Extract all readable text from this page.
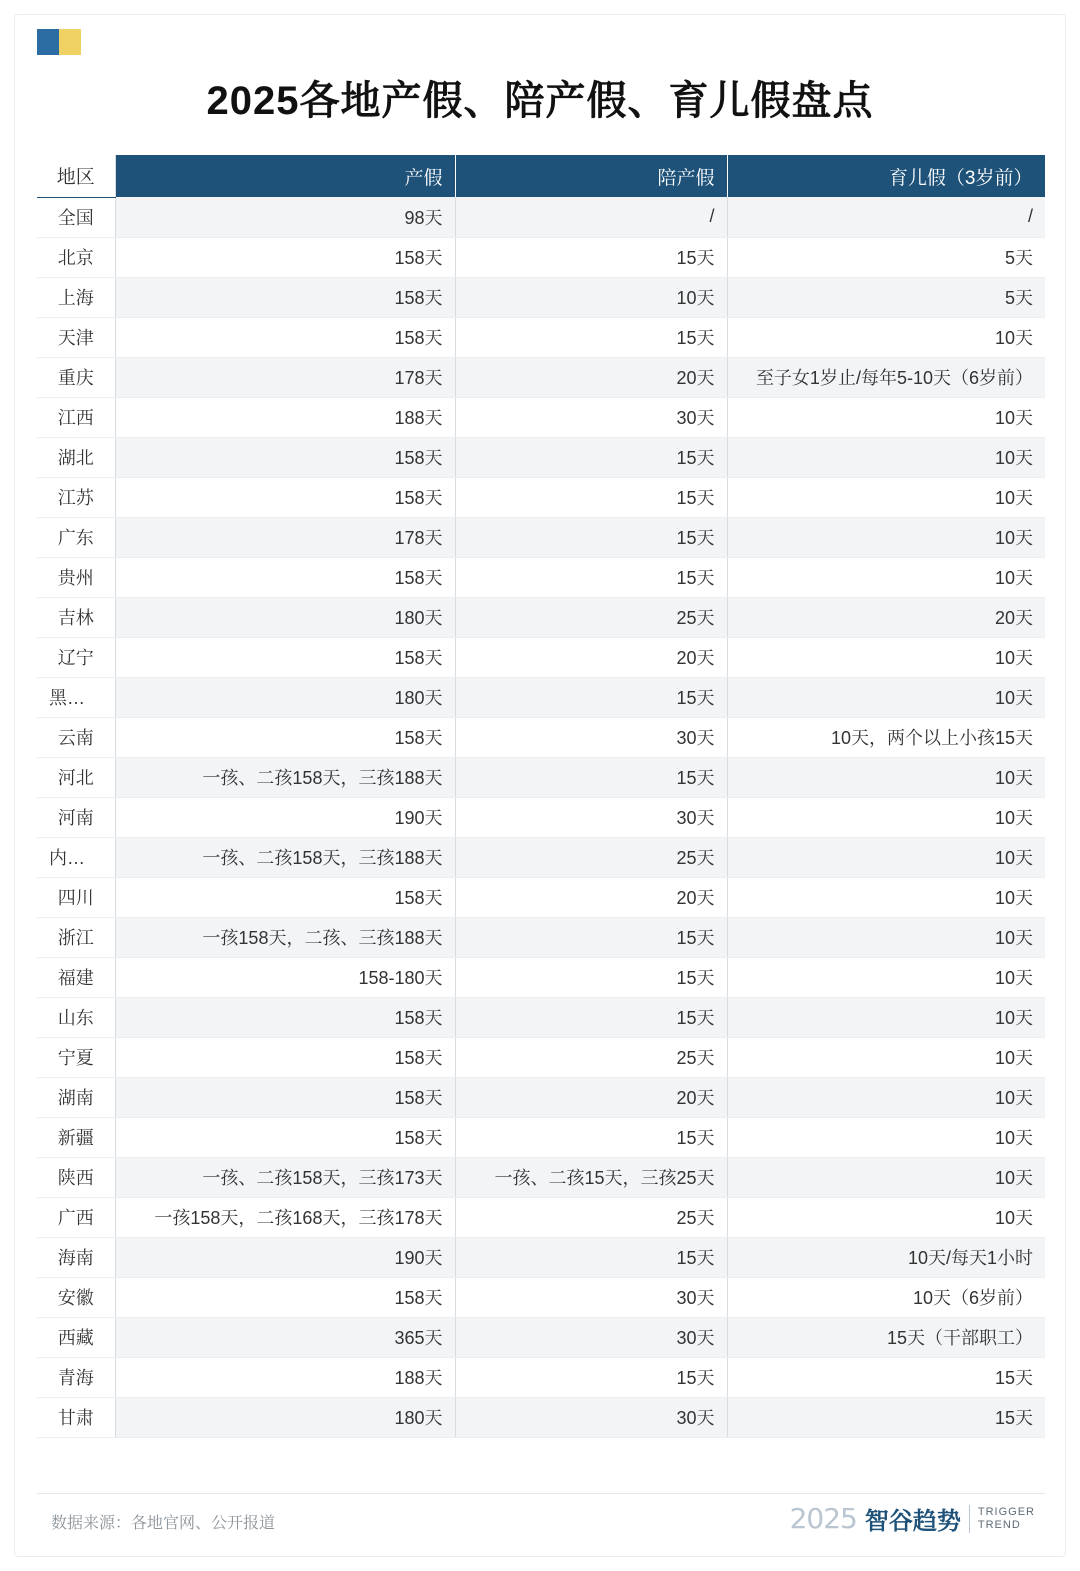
2025各地产假、陪产假、育儿假盘点
地区	产假	陪产假	育儿假（3岁前）
全国	98天	/	/
北京	158天	15天	5天
上海	158天	10天	5天
天津	158天	15天	10天
重庆	178天	20天	至子女1岁止/每年5-10天（6岁前）
江西	188天	30天	10天
湖北	158天	15天	10天
江苏	158天	15天	10天
广东	178天	15天	10天
贵州	158天	15天	10天
吉林	180天	25天	20天
辽宁	158天	20天	10天
黑龙江	180天	15天	10天
云南	158天	30天	10天，两个以上小孩15天
河北	一孩、二孩158天，三孩188天	15天	10天
河南	190天	30天	10天
内蒙古	一孩、二孩158天，三孩188天	25天	10天
四川	158天	20天	10天
浙江	一孩158天，二孩、三孩188天	15天	10天
福建	158-180天	15天	10天
山东	158天	15天	10天
宁夏	158天	25天	10天
湖南	158天	20天	10天
新疆	158天	15天	10天
陕西	一孩、二孩158天，三孩173天	一孩、二孩15天，三孩25天	10天
广西	一孩158天，二孩168天，三孩178天	25天	10天
海南	190天	15天	10天/每天1小时
安徽	158天	30天	10天（6岁前）
西藏	365天	30天	15天（干部职工）
青海	188天	15天	15天
甘肃	180天	30天	15天
数据来源：各地官网、公开报道	2025 智谷趋势 TRIGGER
TREND
